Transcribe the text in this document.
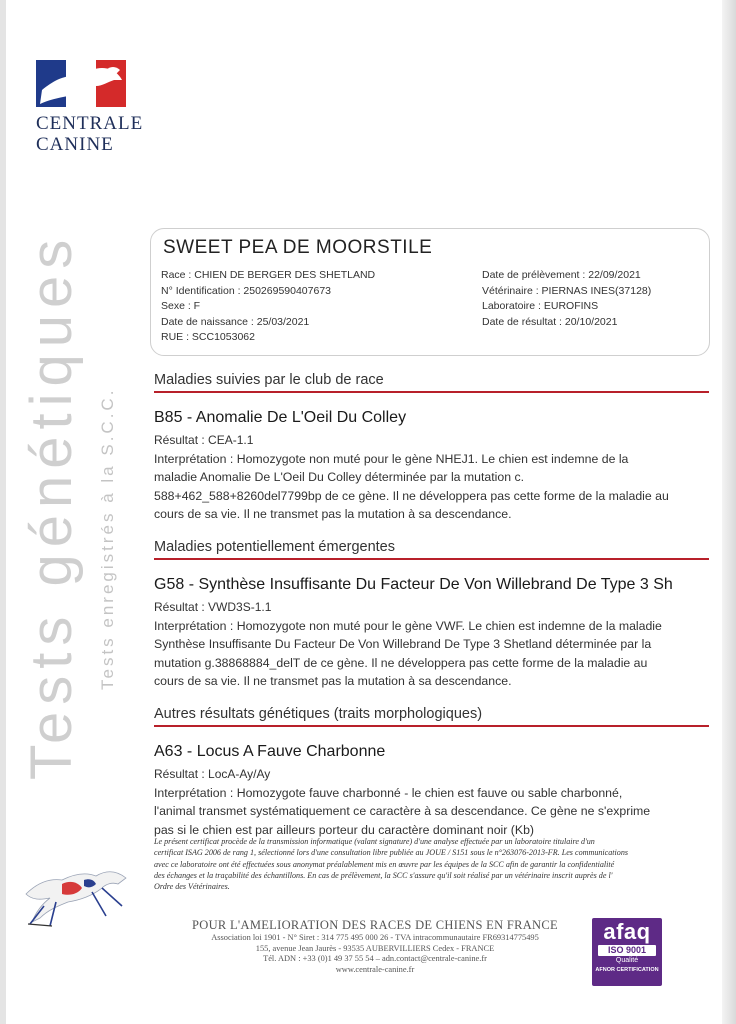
CENTRALE
CANINE
Tests génétiques Tests enregistrés à la S.C.C.
SWEET PEA DE MOORSTILE
Race : CHIEN DE BERGER DES SHETLAND
N° Identification : 250269590407673
Sexe : F
Date de naissance : 25/03/2021
RUE : SCC1053062
Date de prélèvement : 22/09/2021
Vétérinaire : PIERNAS INES(37128)
Laboratoire : EUROFINS
Date de résultat : 20/10/2021
Maladies suivies par le club de race
B85 - Anomalie De L'Oeil Du Colley
Résultat : CEA-1.1
Interprétation : Homozygote non muté pour le gène NHEJ1. Le chien est indemne de la
maladie Anomalie De L'Oeil Du Colley déterminée par la mutation c.
588+462_588+8260del7799bp de ce gène. Il ne développera pas cette forme de la maladie au
cours de sa vie. Il ne transmet pas la mutation à sa descendance.
Maladies potentiellement émergentes
G58 - Synthèse Insuffisante Du Facteur De Von Willebrand De Type 3 Sh
Résultat : VWD3S-1.1
Interprétation : Homozygote non muté pour le gène VWF. Le chien est indemne de la maladie
Synthèse Insuffisante Du Facteur De Von Willebrand De Type 3 Shetland déterminée par la
mutation g.38868884_delT de ce gène. Il ne développera pas cette forme de la maladie au
cours de sa vie. Il ne transmet pas la mutation à sa descendance.
Autres résultats génétiques (traits morphologiques)
A63 - Locus A Fauve Charbonne
Résultat : LocA-Ay/Ay
Interprétation : Homozygote fauve charbonné - le chien est fauve ou sable charbonné,
l'animal transmet systématiquement ce caractère à sa descendance. Ce gène ne s'exprime
pas si le chien est par ailleurs porteur du caractère dominant noir (Kb)
Le présent certificat procède de la transmission informatique (valant signature) d'une analyse effectuée par un laboratoire titulaire d'un
certificat ISAG 2006 de rang 1, sélectionné lors d'une consultation libre publiée au JOUE / S151 sous le n°263076-2013-FR. Les communications
avec ce laboratoire ont été effectuées sous anonymat préalablement mis en œuvre par les équipes de la SCC afin de garantir la confidentialité
des échanges et la traçabilité des échantillons. En cas de prélèvement, la SCC s'assure qu'il soit réalisé par un vétérinaire inscrit auprès de l'
Ordre des Vétérinaires.
POUR L'AMELIORATION DES RACES DE CHIENS EN FRANCE
Association loi 1901 - N° Siret : 314 775 495 000 26 - TVA intracommunautaire FR69314775495
155, avenue Jean Jaurès - 93535 AUBERVILLIERS Cedex - FRANCE
Tél. ADN : +33 (0)1 49 37 55 54 – adn.contact@centrale-canine.fr
www.centrale-canine.fr
afaq
ISO 9001
Qualité
AFNOR CERTIFICATION
